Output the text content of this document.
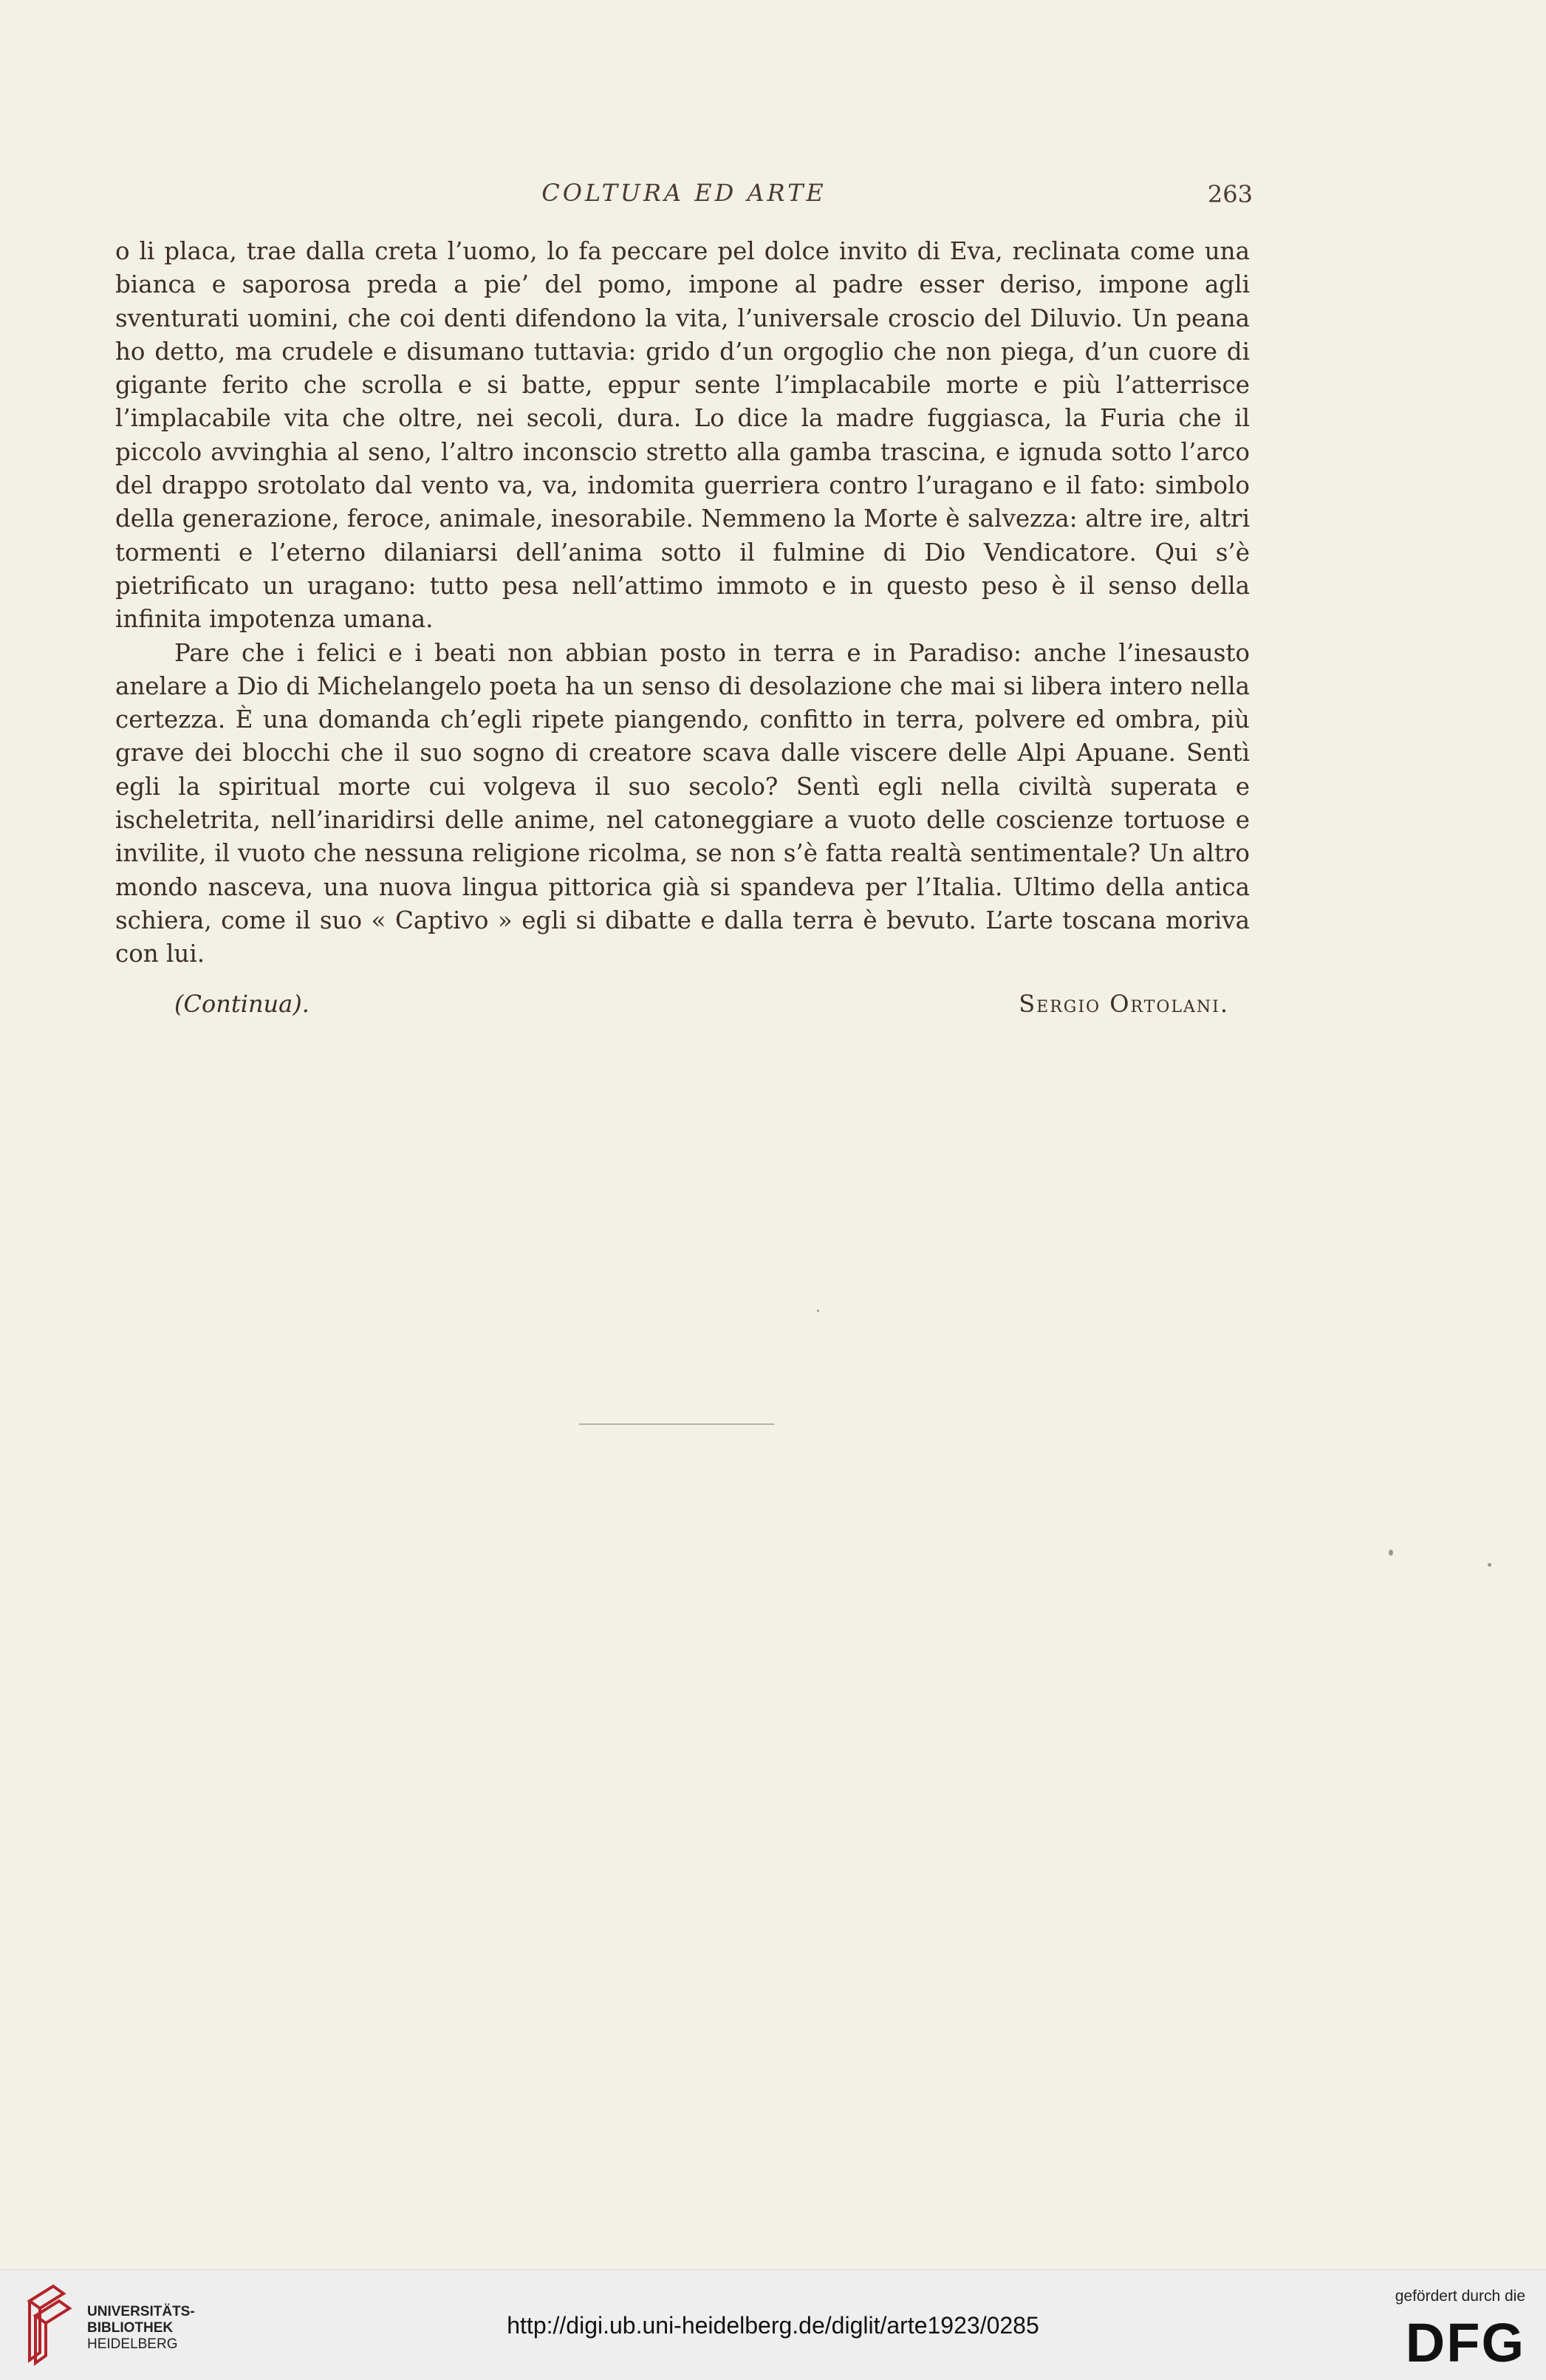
COLTURA ED ARTE	263

o li placa, trae dalla creta l’uomo, lo fa peccare pel dolce invito di Eva, reclinata come una bianca e saporosa preda a pie’ del pomo, impone al padre esser deriso, impone agli sventurati uomini, che coi denti difendono la vita, l’universale croscio del Diluvio. Un peana ho detto, ma crudele e disumano tuttavia: grido d’un orgoglio che non piega, d’un cuore di gigante ferito che scrolla e si batte, eppur sente l’implacabile morte e più l’atterrisce l’implacabile vita che oltre, nei secoli, dura. Lo dice la madre fuggiasca, la Furia che il piccolo avvinghia al seno, l’altro inconscio stretto alla gamba trascina, e ignuda sotto l’arco del drappo srotolato dal vento va, va, indomita guerriera contro l’uragano e il fato: simbolo della generazione, feroce, animale, inesorabile. Nemmeno la Morte è salvezza: altre ire, altri tormenti e l’eterno dilaniarsi dell’anima sotto il fulmine di Dio Vendicatore. Qui s’è pietrificato un uragano: tutto pesa nell’attimo immoto e in questo peso è il senso della infinita impotenza umana.

Pare che i felici e i beati non abbian posto in terra e in Paradiso: anche l’inesausto anelare a Dio di Michelangelo poeta ha un senso di desolazione che mai si libera intero nella certezza. È una domanda ch’egli ripete piangendo, confitto in terra, polvere ed ombra, più grave dei blocchi che il suo sogno di creatore scava dalle viscere delle Alpi Apuane. Sentì egli la spiritual morte cui volgeva il suo secolo? Sentì egli nella civiltà superata e ischeletrita, nell’inaridirsi delle anime, nel catoneggiare a vuoto delle coscienze tortuose e invilite, il vuoto che nessuna religione ricolma, se non s’è fatta realtà sentimentale? Un altro mondo nasceva, una nuova lingua pittorica già si spandeva per l’Italia. Ultimo della antica schiera, come il suo « Captivo » egli si dibatte e dalla terra è bevuto. L’arte toscana moriva con lui.

(Continua).	Sergio Ortolani.
UNIVERSITÄTS-
BIBLIOTHEK
HEIDELBERG
http://digi.ub.uni-heidelberg.de/diglit/arte1923/0285
gefördert durch die
DFG
